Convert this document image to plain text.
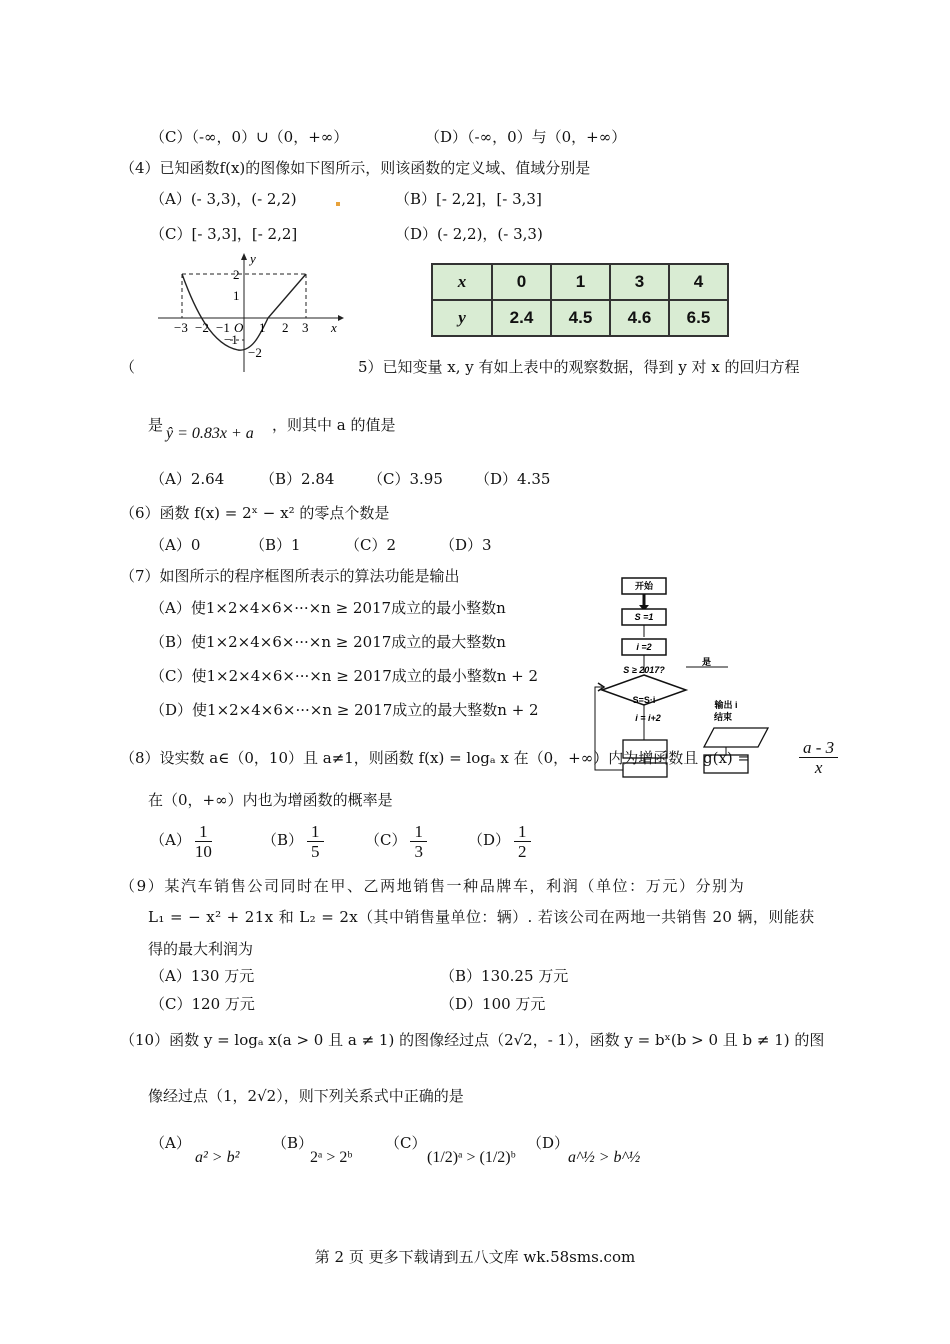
（C）（-∞，0）∪（0，+∞）	（D）（-∞，0）与（0，+∞）
（4）已知函数f(x)的图像如下图所示，则该函数的定义域、值域分别是
（A）(- 3,3)，(- 2,2)	（B）[- 2,2]，[- 3,3]
（C）[- 3,3]，[- 2,2]	（D）(- 2,2)，(- 3,3)
y
x
−3 −2 −1 O 1 2 3
2
1
−1
−2
x	0	1	3	4
y	2.4	4.5	4.6	6.5
（	5）已知变量 x, y 有如上表中的观察数据，得到 y 对 x 的回归方程
是 ŷ = 0.83x + a ，则其中 a 的值是
（A）2.64 （B）2.84 （C）3.95 （D）4.35
（6）函数 f(x) = 2ˣ − x² 的零点个数是
（A）0	（B）1	（C）2	（D）3
（7）如图所示的程序框图所表示的算法功能是输出
（A）使1×2×4×6×···×n ≥ 2017成立的最小整数n
（B）使1×2×4×6×···×n ≥ 2017成立的最大整数n
（C）使1×2×4×6×···×n ≥ 2017成立的最小整数n + 2
（D）使1×2×4×6×···×n ≥ 2017成立的最大整数n + 2
开始
S =1
i =2
S ≥ 2017?
是
S=S·i
i = i+2
输出 i
结束
（8）设实数 a∈（0，10）且 a≠1，则函数 f(x) = logₐ x 在（0，+∞）内为增函数且 g(x) =	$\frac{a - 3}{x}$
在（0，+∞）内也为增函数的概率是
$(A) \frac{1}{10}$	$(B) \frac{1}{5}$	$(C) \frac{1}{3}$	$(D) \frac{1}{2}$
（9）某汽车销售公司同时在甲、乙两地销售一种品牌车，利润（单位：万元）分别为
L₁ = − x² + 21x 和 L₂ = 2x（其中销售量单位：辆）. 若该公司在两地一共销售 20 辆，则能获
得的最大利润为
（A）130 万元	（B）130.25 万元
（C）120 万元	（D）100 万元
（10）函数 y = logₐ x(a > 0 且 a ≠ 1) 的图像经过点（2√2，- 1），函数 y = bˣ(b > 0 且 b ≠ 1) 的图
像经过点（1，2√2），则下列关系式中正确的是
（A）
a² > b²
（B）
2ᵃ > 2ᵇ
（C）
(1/2)ᵃ > (1/2)ᵇ
（D）
a^½ > b^½
第 2 页 更多下载请到五八文库 wk.58sms.com
